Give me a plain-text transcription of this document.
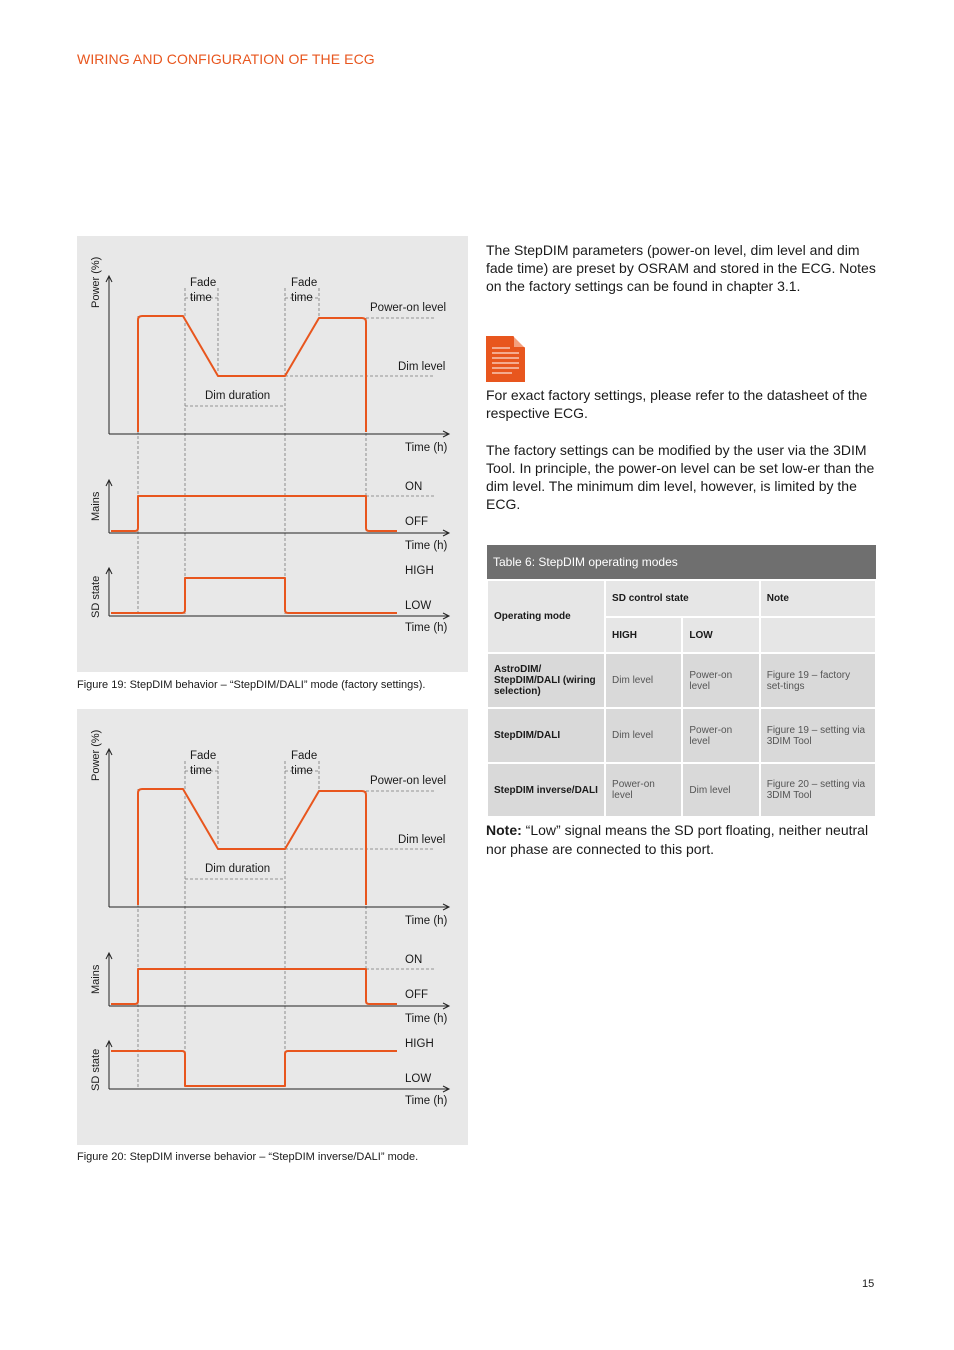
WIRING AND CONFIGURATION OF THE ECG
Power (%)	Fade
time
Fade
time
Power-on level
Dim level
Dim duration
Time (h)
Mains
ON
OFF
Time (h)
SD state
HIGH
LOW
Time (h)
Figure 19: StepDIM behavior – “StepDIM/DALI” mode (factory settings).
Power (%)	Fade
time
Fade
time
Power-on level
Dim level
Dim duration
Time (h)
Mains
ON
OFF
Time (h)
SD state
HIGH
LOW
Time (h)
Figure 20: StepDIM inverse behavior – “StepDIM inverse/DALI” mode.

The StepDIM parameters (power-on level, dim level and dim fade time) are preset by OSRAM and stored in the ECG. Notes on the factory settings can be found in chapter 3.1.

For exact factory settings, please refer to the datasheet of the respective ECG.

The factory settings can be modified by the user via the 3DIM Tool. In principle, the power-on level can be set low-er than the dim level. The minimum dim level, however, is limited by the ECG.

Table 6: StepDIM operating modes			
Operating mode	SD control state		Note
	HIGH	LOW	
AstroDIM/ StepDIM/DALI (wiring selection)	Dim level	Power-on level	Figure 19 – factory set-tings
StepDIM/DALI	Dim level	Power-on level	Figure 19 – setting via 3DIM Tool
StepDIM inverse/DALI	Power-on level	Dim level	Figure 20 – setting via 3DIM Tool
Note: “Low” signal means the SD port floating, neither neutral nor phase are connected to this port.
15
